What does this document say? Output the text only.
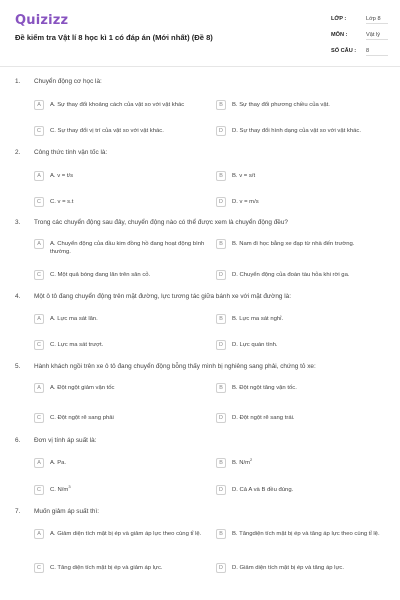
Quizizz
Đề kiểm tra Vật lí 8 học kì 1 có đáp án (Mới nhất) (Đề 8)
LỚP :	Lớp 8
MÔN :	Vật lý
SỐ CÂU : 8
1. Chuyển động cơ học là:
A	A. Sự thay đổi khoảng cách của vật so với vật khác	B	B. Sự thay đổi phương chiều của vật.
C	C. Sự thay đổi vị trí của vật so với vật khác.	D	D. Sự thay đổi hình dạng của vật so với vật khác.
2. Công thức tính vận tốc là:
A	A. v = t/s	B	B. v = s/t
C	C. v = s.t	D	D. v = m/s
3. Trong các chuyển động sau đây, chuyển động nào có thể được xem là chuyển động đều?
A	A. Chuyển động của đầu kim đồng hồ đang hoạt động bình thường.
B	B. Nam đi học bằng xe đạp từ nhà đến trường.
C	C. Một quả bóng đang lăn trên sân cỏ.	D	D. Chuyển động của đoàn tàu hỏa khi rời ga.
4. Một ô tô đang chuyển động trên mặt đường, lực tương tác giữa bánh xe với mặt đường là:
A	A. Lực ma sát lăn.	B	B. Lực ma sát nghỉ.
C	C. Lực ma sát trượt.	D	D. Lực quán tính.
5. Hành khách ngồi trên xe ô tô đang chuyển động bỗng thấy mình bị nghiêng sang phải, chứng tỏ xe:
A	A. Đột ngột giảm vận tốc	B	B. Đột ngột tăng vận tốc.
C	C. Đột ngột rẽ sang phải	D	D. Đột ngột rẽ sang trái.
6. Đơn vị tính áp suất là:
A	A. Pa.	B	B. $N/m^2$
C	C. $N/m^3$
D	D. Cả A và B đều đúng.
7. Muốn giảm áp suất thì:
A	A. Giảm diện tích mặt bị ép và giảm áp lực theo cùng tỉ lệ.	B	B. Tăngdiện tích mặt bị ép và tăng áp lực theo cùng tỉ lệ.
C	C. Tăng diện tích mặt bị ép và giảm áp lực.	D	D. Giảm diện tích mặt bị ép và tăng áp lực.
